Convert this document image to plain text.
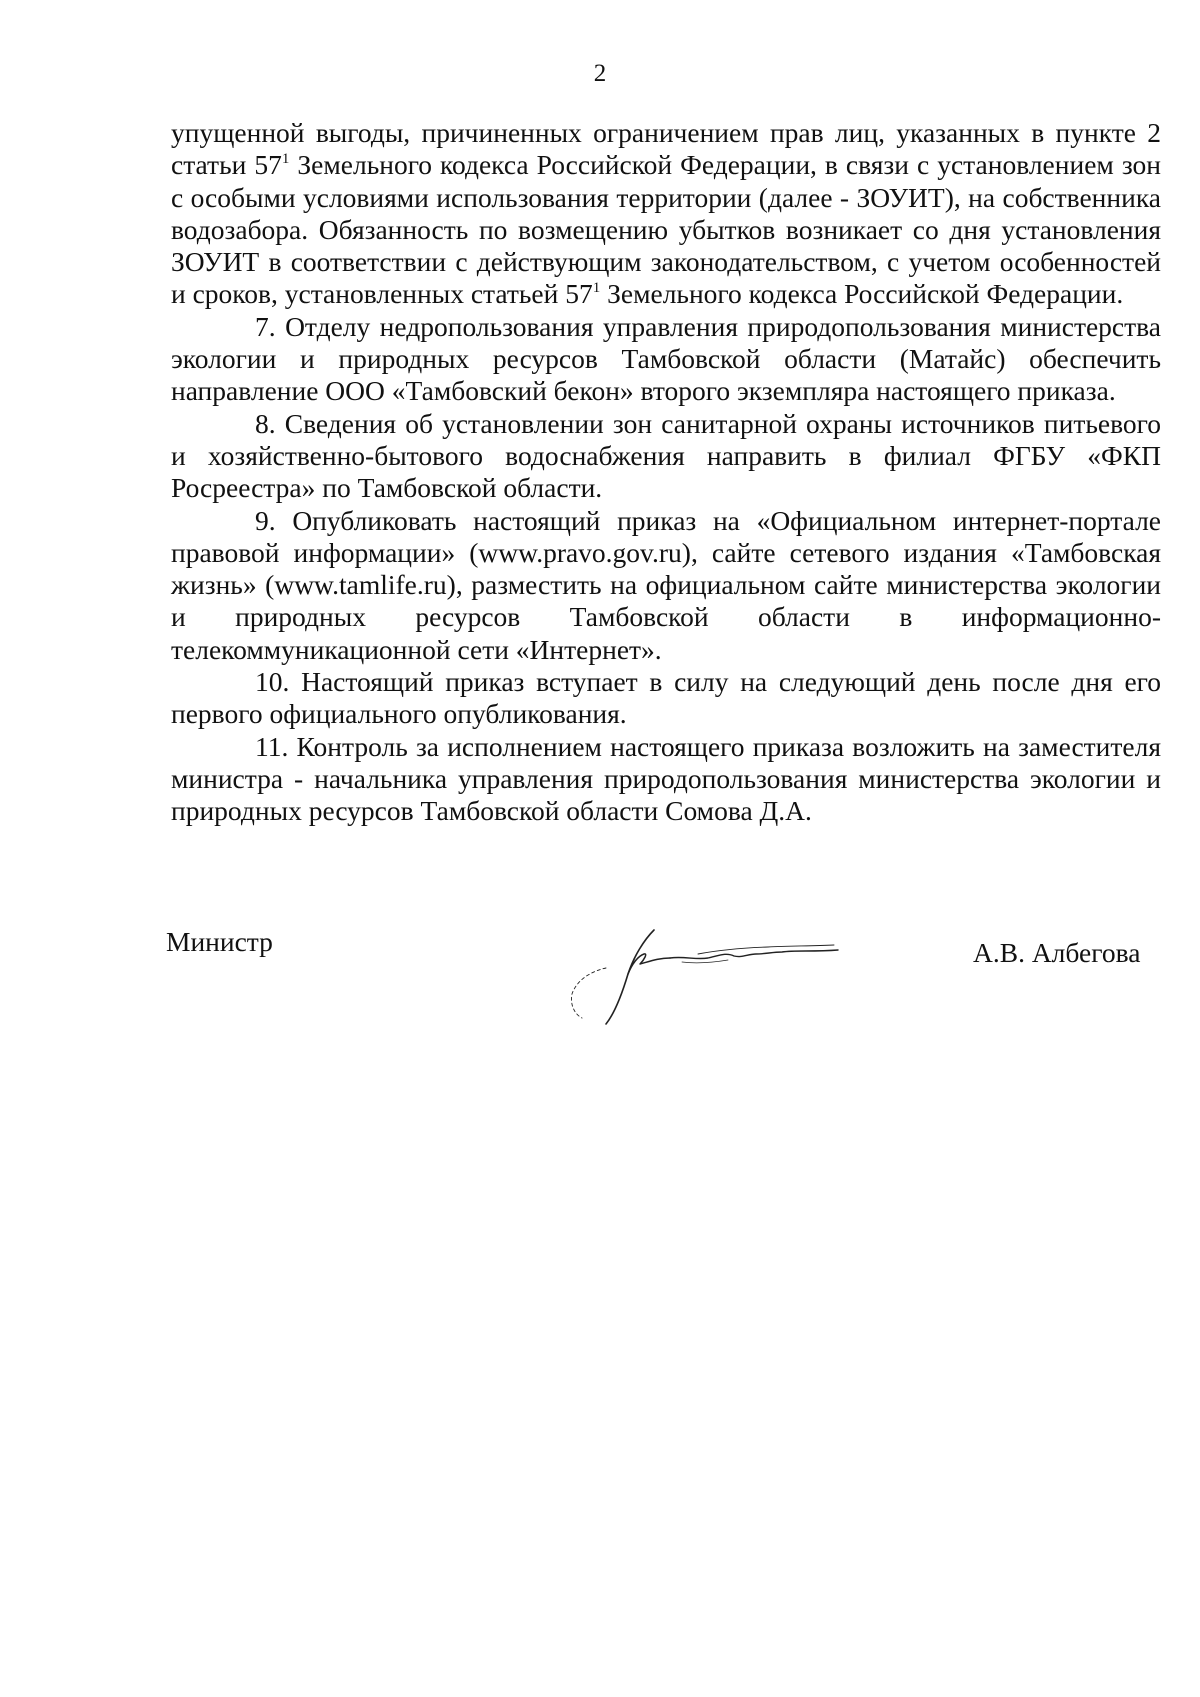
2

упущенной выгоды, причиненных ограничением прав лиц, указанных в пункте 2 статьи $57^1$ Земельного кодекса Российской Федерации, в связи с установлением зон с особыми условиями использования территории (далее - ЗОУИТ), на собственника водозабора. Обязанность по возмещению убытков возникает со дня установления ЗОУИТ в соответствии с действующим законодательством, с учетом особенностей и сроков, установленных статьей $57^1$ Земельного кодекса Российской Федерации.

7. Отделу недропользования управления природопользования министерства экологии и природных ресурсов Тамбовской области (Матайс) обеспечить направление ООО «Тамбовский бекон» второго экземпляра настоящего приказа.

8. Сведения об установлении зон санитарной охраны источников питьевого и хозяйственно-бытового водоснабжения направить в филиал ФГБУ «ФКП Росреестра» по Тамбовской области.

9. Опубликовать настоящий приказ на «Официальном интернет-портале правовой информации» (www.pravo.gov.ru), сайте сетевого издания «Тамбовская жизнь» (www.tamlife.ru), разместить на официальном сайте министерства экологии и природных ресурсов Тамбовской области в информационно-телекоммуникационной сети «Интернет».

10. Настоящий приказ вступает в силу на следующий день после дня его первого официального опубликования.

11. Контроль за исполнением настоящего приказа возложить на заместителя министра - начальника управления природопользования министерства экологии и природных ресурсов Тамбовской области Сомова Д.А.

Министр	А.В. Албегова
